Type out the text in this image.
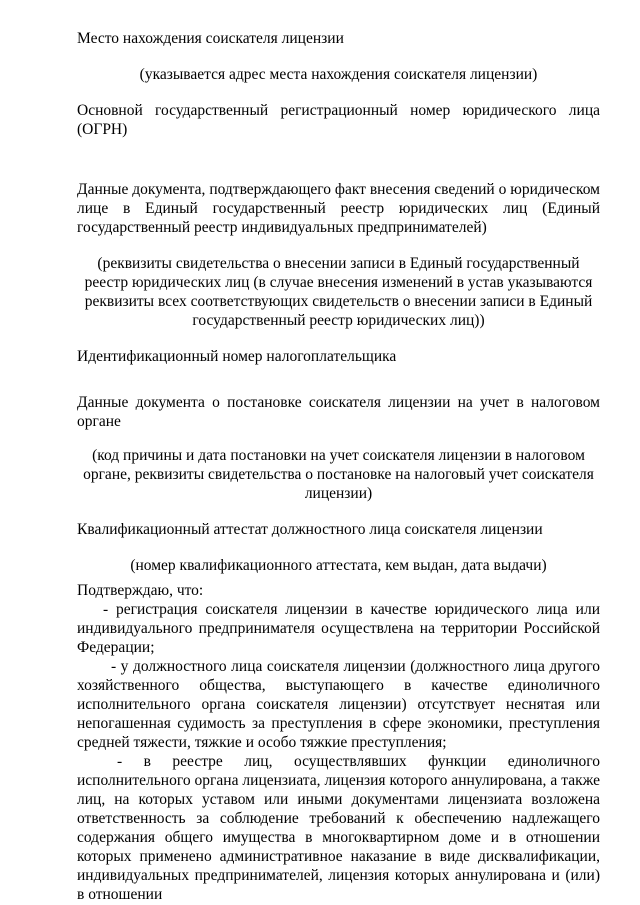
Место нахождения соискателя лицензии

(указывается адрес места нахождения соискателя лицензии)

Основной государственный регистрационный номер юридического лица (ОГРН)

Данные документа, подтверждающего факт внесения сведений о юридическом лице в Единый государственный реестр юридических лиц (Единый государственный реестр индивидуальных предпринимателей)

(реквизиты свидетельства о внесении записи в Единый государственный реестр юридических лиц (в случае внесения изменений в устав указываются реквизиты всех соответствующих свидетельств о внесении записи в Единый государственный реестр юридических лиц))

Идентификационный номер налогоплательщика

Данные документа о постановке соискателя лицензии на учет в налоговом органе

(код причины и дата постановки на учет соискателя лицензии в налоговом органе, реквизиты свидетельства о постановке на налоговый учет соискателя лицензии)

Квалификационный аттестат должностного лица соискателя лицензии

(номер квалификационного аттестата, кем выдан, дата выдачи)

Подтверждаю, что:

- регистрация соискателя лицензии в качестве юридического лица или индивидуального предпринимателя осуществлена на территории Российской Федерации;

- у должностного лица соискателя лицензии (должностного лица другого хозяйственного общества, выступающего в качестве единоличного исполнительного органа соискателя лицензии) отсутствует неснятая или непогашенная судимость за преступления в сфере экономики, преступления средней тяжести, тяжкие и особо тяжкие преступления;

- в реестре лиц, осуществлявших функции единоличного исполнительного органа лицензиата, лицензия которого аннулирована, а также лиц, на которых уставом или иными документами лицензиата возложена ответственность за соблюдение требований к обеспечению надлежащего содержания общего имущества в многоквартирном доме и в отношении которых применено административное наказание в виде дисквалификации, индивидуальных предпринимателей, лицензия которых аннулирована и (или) в отношении
